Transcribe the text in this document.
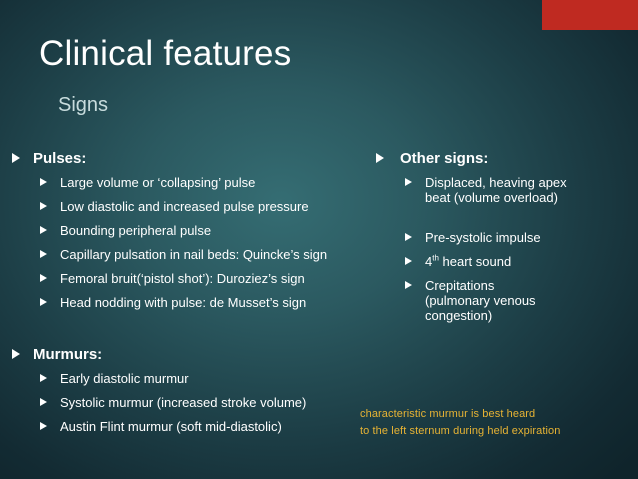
Clinical features
Signs
Pulses:
Large volume or ‘collapsing’ pulse
Low diastolic and increased pulse pressure
Bounding peripheral pulse
Capillary pulsation in nail beds: Quincke’s sign
Femoral bruit(‘pistol shot’): Duroziez’s sign
Head nodding with pulse: de Musset’s sign
Murmurs:
Early diastolic murmur
Systolic murmur (increased stroke volume)
Austin Flint murmur (soft mid-diastolic)
Other signs:
Displaced, heaving apex beat (volume overload)
Pre-systolic impulse
4th heart sound
Crepitations (pulmonary venous congestion)
characteristic murmur is best heard
to the left sternum during held expiration
